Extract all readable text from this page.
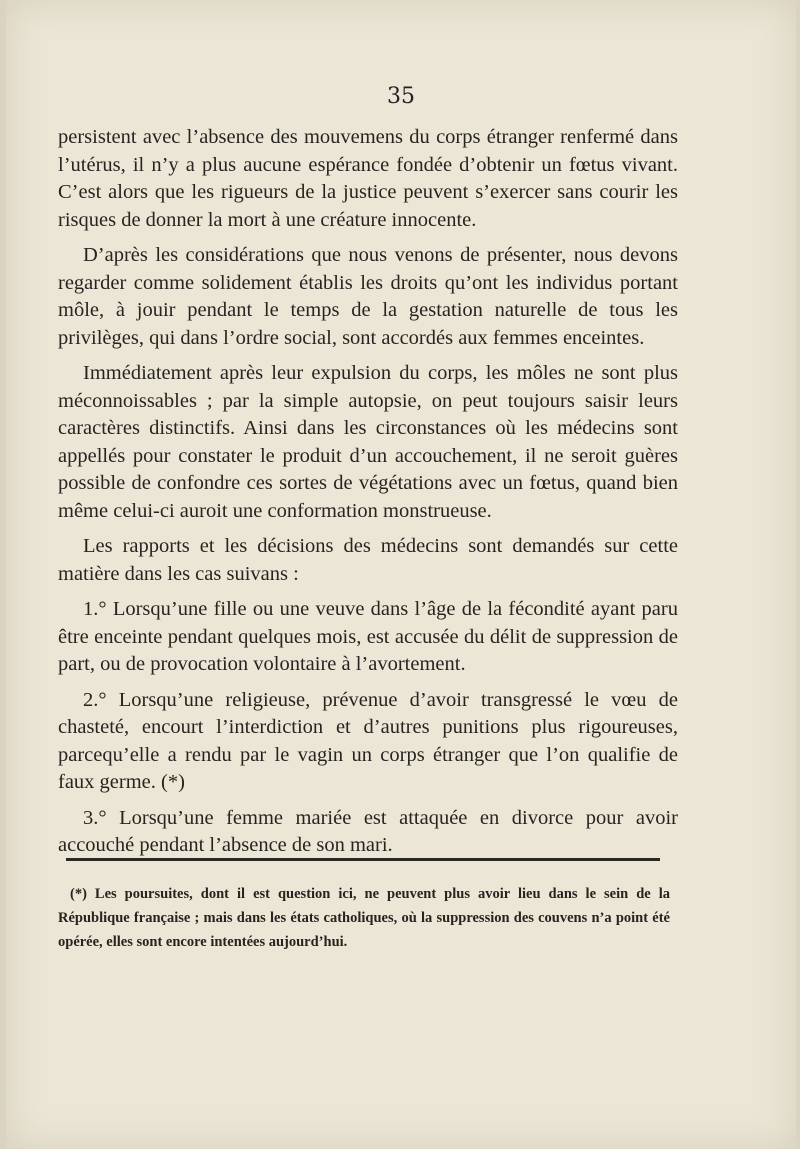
35

persistent avec l’absence des mouvemens du corps étranger renfermé dans l’utérus, il n’y a plus aucune espérance fondée d’obtenir un fœtus vivant. C’est alors que les rigueurs de la justice peuvent s’exercer sans courir les risques de donner la mort à une créature innocente.

D’après les considérations que nous venons de présenter, nous devons regarder comme solidement établis les droits qu’ont les individus portant môle, à jouir pendant le temps de la gestation naturelle de tous les privilèges, qui dans l’ordre social, sont accordés aux femmes enceintes.

Immédiatement après leur expulsion du corps, les môles ne sont plus méconnoissables ; par la simple autopsie, on peut toujours saisir leurs caractères distinctifs. Ainsi dans les circonstances où les médecins sont appellés pour constater le produit d’un accouchement, il ne seroit guères possible de confondre ces sortes de végétations avec un fœtus, quand bien même celui-ci auroit une conformation monstrueuse.

Les rapports et les décisions des médecins sont demandés sur cette matière dans les cas suivans :

1.° Lorsqu’une fille ou une veuve dans l’âge de la fécondité ayant paru être enceinte pendant quelques mois, est accusée du délit de suppression de part, ou de provocation volontaire à l’avortement.

2.° Lorsqu’une religieuse, prévenue d’avoir transgressé le vœu de chasteté, encourt l’interdiction et d’autres punitions plus rigoureuses, parcequ’elle a rendu par le vagin un corps étranger que l’on qualifie de faux germe. (*)

3.° Lorsqu’une femme mariée est attaquée en divorce pour avoir accouché pendant l’absence de son mari.

(*) Les poursuites, dont il est question ici, ne peuvent plus avoir lieu dans le sein de la République française ; mais dans les états catholiques, où la suppression des couvens n’a point été opérée, elles sont encore intentées aujourd’hui.
